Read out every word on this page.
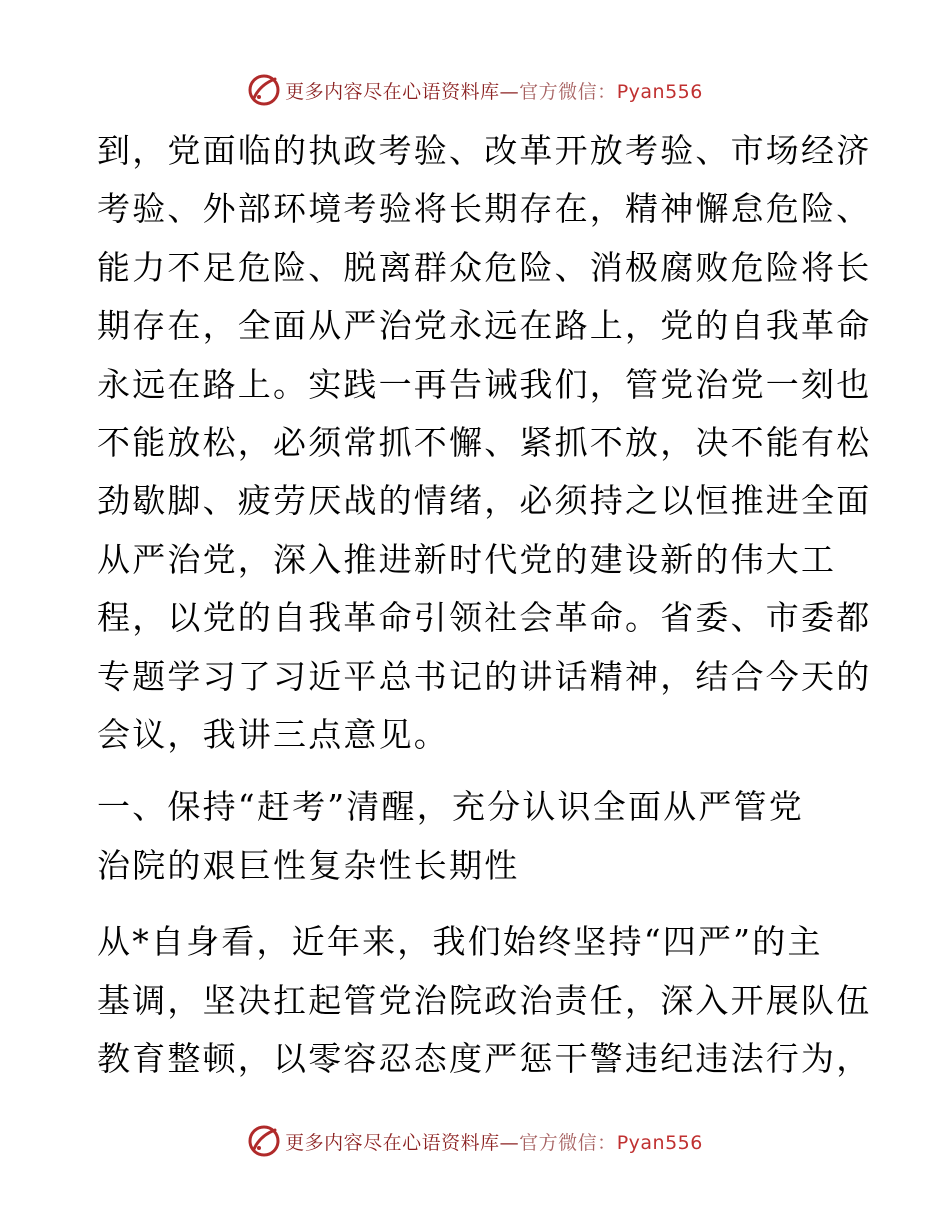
更多内容尽在心语资料库—官方微信：Pyan556

到，党面临的执政考验、改革开放考验、市场经济
考验、外部环境考验将长期存在，精神懈怠危险、
能力不足危险、脱离群众危险、消极腐败危险将长
期存在，全面从严治党永远在路上，党的自我革命
永远在路上。实践一再告诫我们，管党治党一刻也
不能放松，必须常抓不懈、紧抓不放，决不能有松
劲歇脚、疲劳厌战的情绪，必须持之以恒推进全面
从严治党，深入推进新时代党的建设新的伟大工
程，以党的自我革命引领社会革命。省委、市委都
专题学习了习近平总书记的讲话精神，结合今天的
会议，我讲三点意见。

一、保持“赶考”清醒，充分认识全面从严管党
治院的艰巨性复杂性长期性

从*自身看，近年来，我们始终坚持“四严”的主
基调，坚决扛起管党治院政治责任，深入开展队伍
教育整顿，以零容忍态度严惩干警违纪违法行为，

更多内容尽在心语资料库—官方微信：Pyan556
